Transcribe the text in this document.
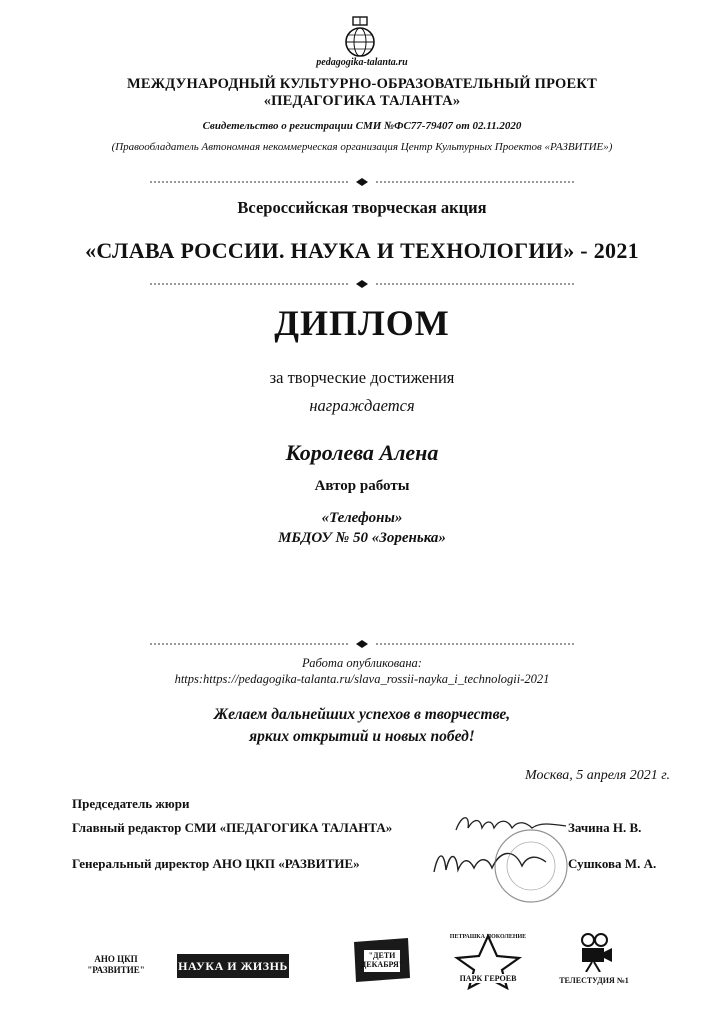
pedagogika-talanta.ru
МЕЖДУНАРОДНЫЙ КУЛЬТУРНО-ОБРАЗОВАТЕЛЬНЫЙ ПРОЕКТ
«ПЕДАГОГИКА ТАЛАНТА»
Свидетельство о регистрации СМИ №ФС77-79407 от 02.11.2020
(Правообладатель Автономная некоммерческая организация Центр Культурных Проектов «РАЗВИТИЕ»)
Всероссийская творческая акция
«СЛАВА РОССИИ. НАУКА И ТЕХНОЛОГИИ» - 2021
ДИПЛОМ
за творческие достижения
награждается
Королева Алена
Автор работы
«Телефоны»
МБДОУ № 50 «Зоренька»
Работа опубликована:
https:https://pedagogika-talanta.ru/slava_rossii-nayka_i_technologii-2021
Желаем дальнейших успехов в творчестве,
ярких открытий и новых побед!
Москва, 5 апреля 2021 г.
Председатель жюри
Главный редактор СМИ «ПЕДАГОГИКА ТАЛАНТА»
Генеральный директор АНО ЦКП «РАЗВИТИЕ»
Зачина Н. В.
Сушкова М. А.
АНО ЦКП
"РАЗВИТИЕ"	НАУКА И ЖИЗНЬ
"ДЕТИ
ДЕКАБРЯ"
ПЕТРАШКА ПОКОЛЕНИЕ
ПАРК ГЕРОЕВ	ТЕЛЕСТУДИЯ №1
